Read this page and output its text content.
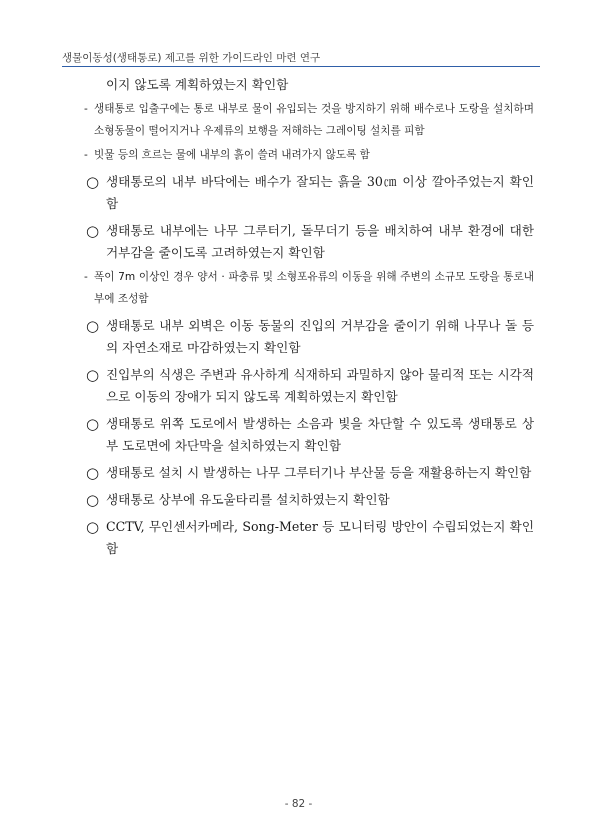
생물이동성(생태통로) 제고를 위한 가이드라인 마련 연구
이지 않도록 계획하였는지 확인함
- 생태통로 입출구에는 통로 내부로 물이 유입되는 것을 방지하기 위해 배수로나 도랑을 설치하며 소형동물이 떨어지거나 우제류의 보행을 저해하는 그레이팅 설치를 피함
- 빗물 등의 흐르는 물에 내부의 흙이 쓸려 내려가지 않도록 함
○ 생태통로의 내부 바닥에는 배수가 잘되는 흙을 30㎝ 이상 깔아주었는지 확인함
○ 생태통로 내부에는 나무 그루터기, 돌무더기 등을 배치하여 내부 환경에 대한 거부감을 줄이도록 고려하였는지 확인함
- 폭이 7m 이상인 경우 양서 · 파충류 및 소형포유류의 이동을 위해 주변의 소규모 도랑을 통로내부에 조성함
○ 생태통로 내부 외벽은 이동 동물의 진입의 거부감을 줄이기 위해 나무나 돌 등의 자연소재로 마감하였는지 확인함
○ 진입부의 식생은 주변과 유사하게 식재하되 과밀하지 않아 물리적 또는 시각적으로 이동의 장애가 되지 않도록 계획하였는지 확인함
○ 생태통로 위쪽 도로에서 발생하는 소음과 빛을 차단할 수 있도록 생태통로 상부 도로면에 차단막을 설치하였는지 확인함
○ 생태통로 설치 시 발생하는 나무 그루터기나 부산물 등을 재활용하는지 확인함
○ 생태통로 상부에 유도울타리를 설치하였는지 확인함
○ CCTV, 무인센서카메라, Song-Meter 등 모니터링 방안이 수립되었는지 확인함
- 82 -
